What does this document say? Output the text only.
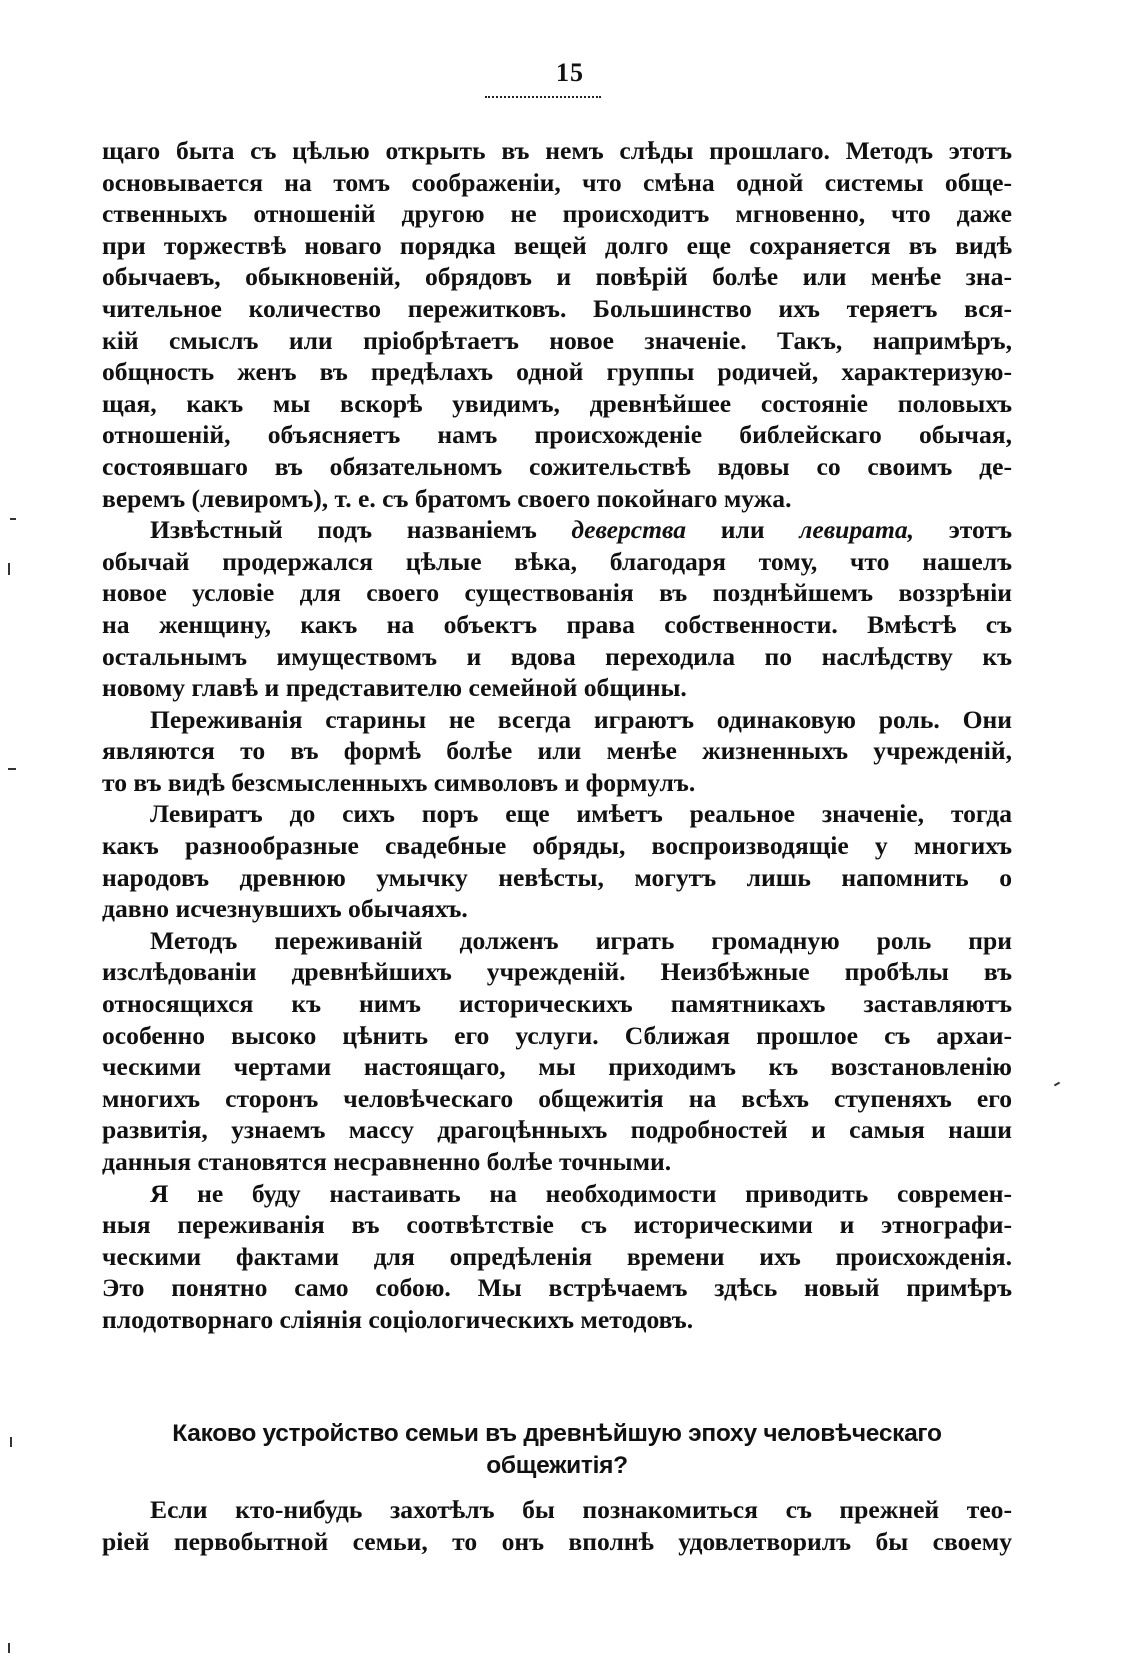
15
щаго быта съ цѣлью открыть въ немъ слѣды прошлаго. Методъ этотъ
основывается на томъ соображеніи, что смѣна одной системы обще-
ственныхъ отношеній другою не происходитъ мгновенно, что даже
при торжествѣ новаго порядка вещей долго еще сохраняется въ видѣ
обычаевъ, обыкновеній, обрядовъ и повѣрій болѣе или менѣе зна-
чительное количество пережитковъ. Большинство ихъ теряетъ вся-
кій смыслъ или пріобрѣтаетъ новое значеніе. Такъ, напримѣръ,
общность женъ въ предѣлахъ одной группы родичей, характеризую-
щая, какъ мы вскорѣ увидимъ, древнѣйшее состояніе половыхъ
отношеній, объясняетъ намъ происхожденіе библейскаго обычая,
состоявшаго въ обязательномъ сожительствѣ вдовы со своимъ де-
веремъ (левиромъ), т. е. съ братомъ своего покойнаго мужа.
Извѣстный подъ названіемъ деверства или левирата, этотъ
обычай продержался цѣлые вѣка, благодаря тому, что нашелъ
новое условіе для своего существованія въ позднѣйшемъ воззрѣніи
на женщину, какъ на объектъ права собственности. Вмѣстѣ съ
остальнымъ имуществомъ и вдова переходила по наслѣдству къ
новому главѣ и представителю семейной общины.
Переживанія старины не всегда играютъ одинаковую роль. Они
являются то въ формѣ болѣе или менѣе жизненныхъ учрежденій,
то въ видѣ безсмысленныхъ символовъ и формулъ.
Левиратъ до сихъ поръ еще имѣетъ реальное значеніе, тогда
какъ разнообразные свадебные обряды, воспроизводящіе у многихъ
народовъ древнюю умычку невѣсты, могутъ лишь напомнить о
давно исчезнувшихъ обычаяхъ.
Методъ переживаній долженъ играть громадную роль при
изслѣдованіи древнѣйшихъ учрежденій. Неизбѣжные пробѣлы въ
относящихся къ нимъ историческихъ памятникахъ заставляютъ
особенно высоко цѣнить его услуги. Сближая прошлое съ архаи-
ческими чертами настоящаго, мы приходимъ къ возстановленію
многихъ сторонъ человѣческаго общежитія на всѣхъ ступеняхъ его
развитія, узнаемъ массу драгоцѣнныхъ подробностей и самыя наши
данныя становятся несравненно болѣе точными.
Я не буду настаивать на необходимости приводить современ-
ныя переживанія въ соотвѣтствіе съ историческими и этнографи-
ческими фактами для опредѣленія времени ихъ происхожденія.
Это понятно само собою. Мы встрѣчаемъ здѣсь новый примѣръ
плодотворнаго сліянія соціологическихъ методовъ.
Каково устройство семьи въ древнѣйшую эпоху человѣческаго
общежитія?
Если кто-нибудь захотѣлъ бы познакомиться съ прежней тео-
ріей первобытной семьи, то онъ вполнѣ удовлетворилъ бы своему
